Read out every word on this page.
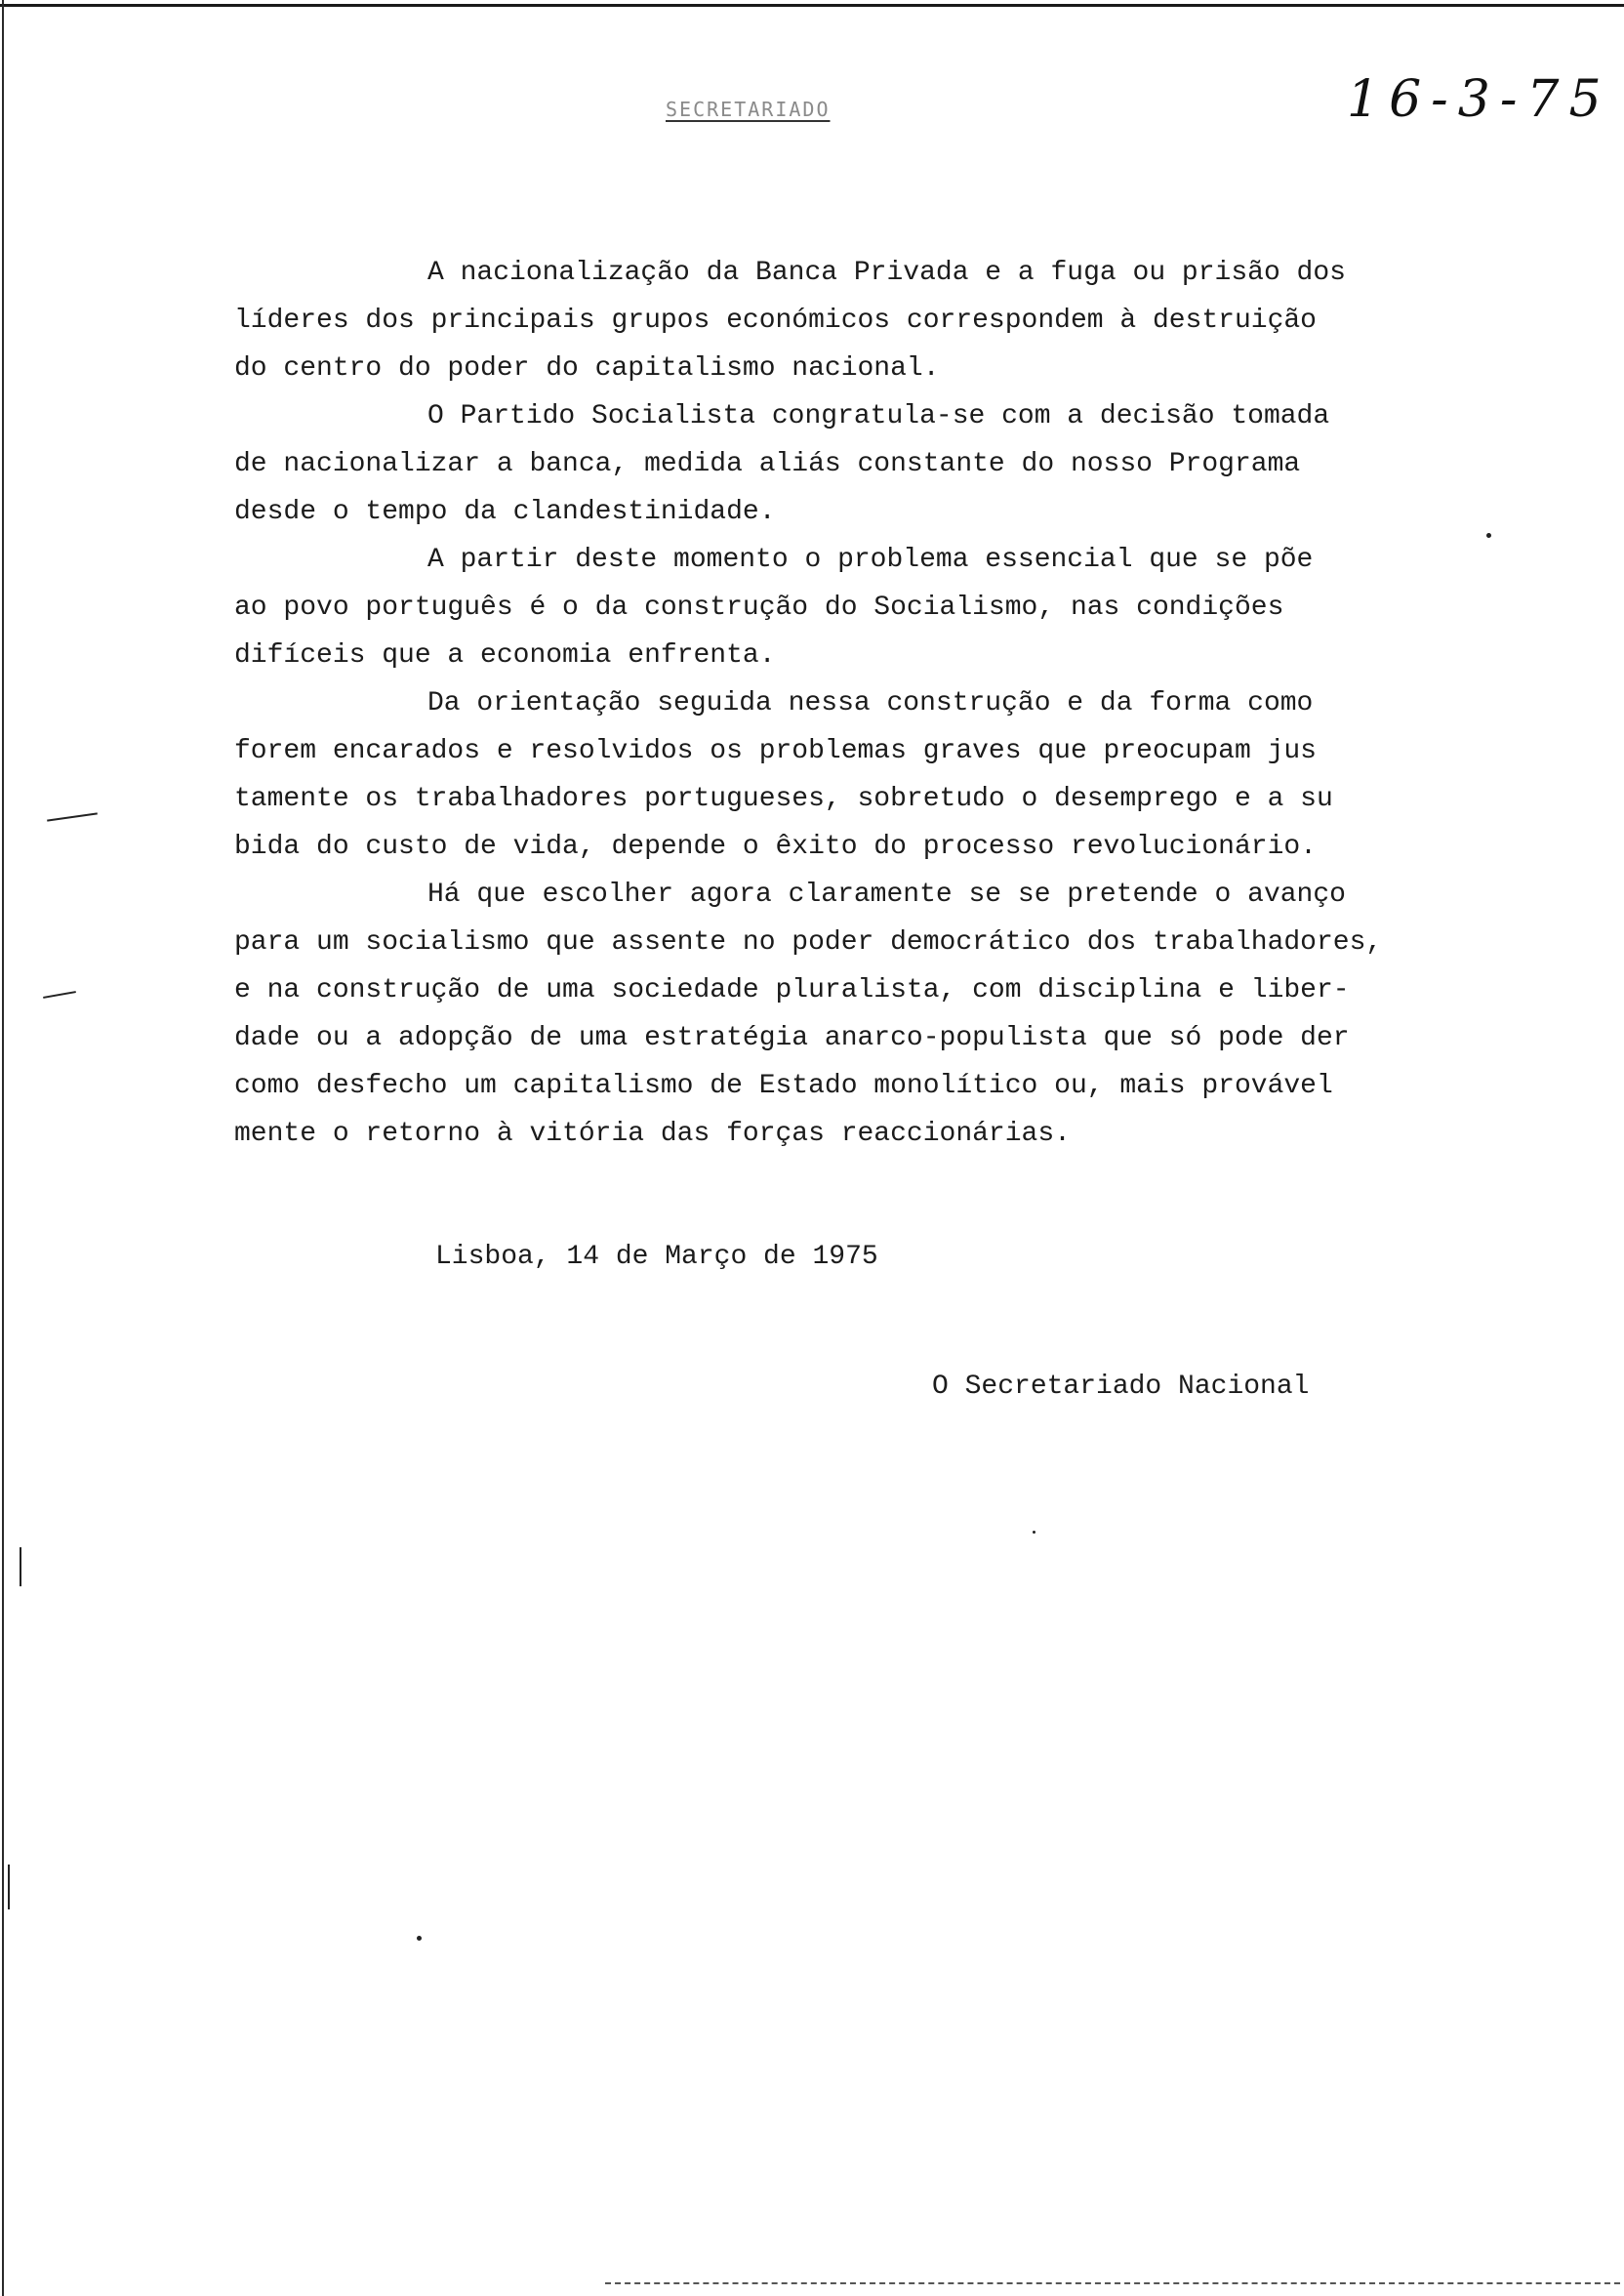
SECRETARIADO	16-3-75

A nacionalização da Banca Privada e a fuga ou prisão dos

líderes dos principais grupos económicos correspondem à destruição

do centro do poder do capitalismo nacional.

O Partido Socialista congratula-se com a decisão tomada

de nacionalizar a banca, medida aliás constante do nosso Programa

desde o tempo da clandestinidade.

A partir deste momento o problema essencial que se põe

ao povo português é o da construção do Socialismo, nas condições

difíceis que a economia enfrenta.

Da orientação seguida nessa construção e da forma como

forem encarados e resolvidos os problemas graves que preocupam jus

tamente os trabalhadores portugueses, sobretudo o desemprego e a su

bida do custo de vida, depende o êxito do processo revolucionário.

Há que escolher agora claramente se se pretende o avanço

para um socialismo que assente no poder democrático dos trabalhadores,

e na construção de uma sociedade pluralista, com disciplina e liber-

dade ou a adopção de uma estratégia anarco-populista que só pode der

como desfecho um capitalismo de Estado monolítico ou, mais provável

mente o retorno à vitória das forças reaccionárias.

Lisboa, 14 de Março de 1975
O Secretariado Nacional
